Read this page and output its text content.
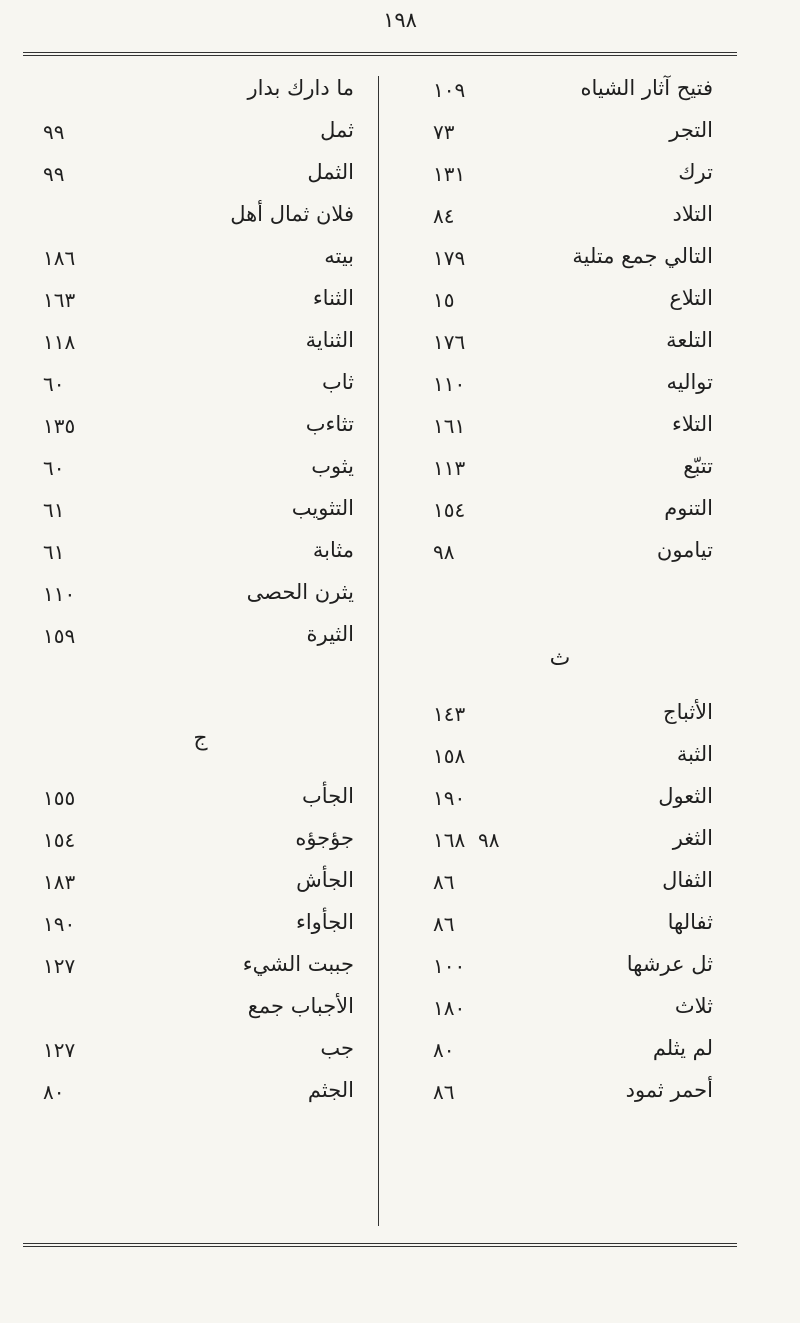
١٩٨
فتيح آثار الشياه
١٠٩
التجر
٧٣
ترك
١٣١
التلاد
٨٤
التالي جمع متلية
١٧٩
التلاع
١٥
التلعة
١٧٦
تواليه
١١٠
التلاء
١٦١
تتبّع
١١٣
التنوم
١٥٤
تيامون
٩٨
ث
الأثباج
١٤٣
الثبة
١٥٨
الثعول
١٩٠
الثغر
٩٨
١٦٨
الثفال
٨٦
ثفالها
٨٦
ثل عرشها
١٠٠
ثلاث
١٨٠
لم يثلم
٨٠
أحمر ثمود
٨٦
ما دارك بدار
ثمل
٩٩
الثمل
٩٩
فلان ثمال أهل
بيته
١٨٦
الثناء
١٦٣
الثناية
١١٨
ثاب
٦٠
تثاءب
١٣٥
يثوب
٦٠
التثويب
٦١
مثابة
٦١
يثرن الحصى
١١٠
الثيرة
١٥٩
ج
الجأب
١٥٥
جؤجؤه
١٥٤
الجأش
١٨٣
الجأواء
١٩٠
جببت الشيء
١٢٧
الأجباب جمع
جب
١٢٧
الجثم
٨٠
